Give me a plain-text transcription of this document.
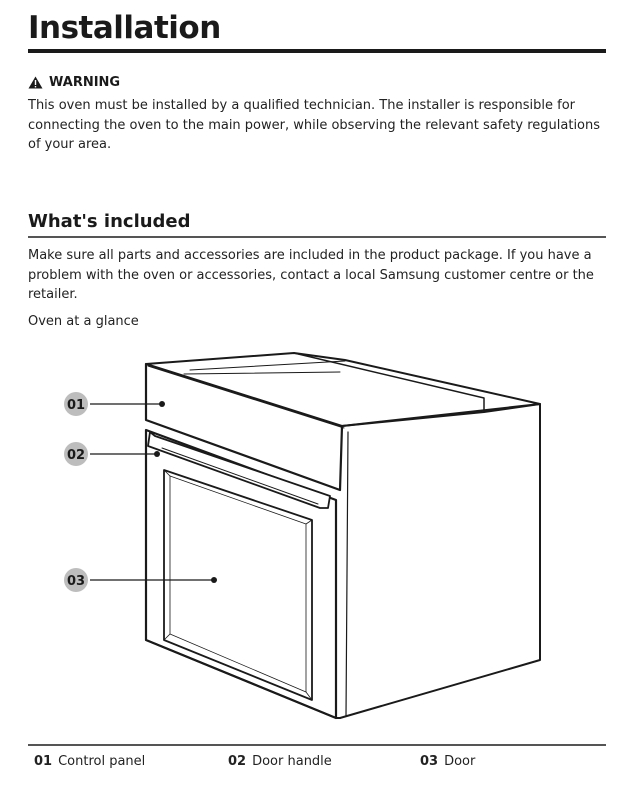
Installation
WARNING
This oven must be installed by a qualified technician. The installer is responsible for connecting the oven to the main power, while observing the relevant safety regulations of your area.
What's included
Make sure all parts and accessories are included in the product package. If you have a problem with the oven or accessories, contact a local Samsung customer centre or the retailer.
Oven at a glance
01
02
03
01 Control panel	02 Door handle	03 Door
